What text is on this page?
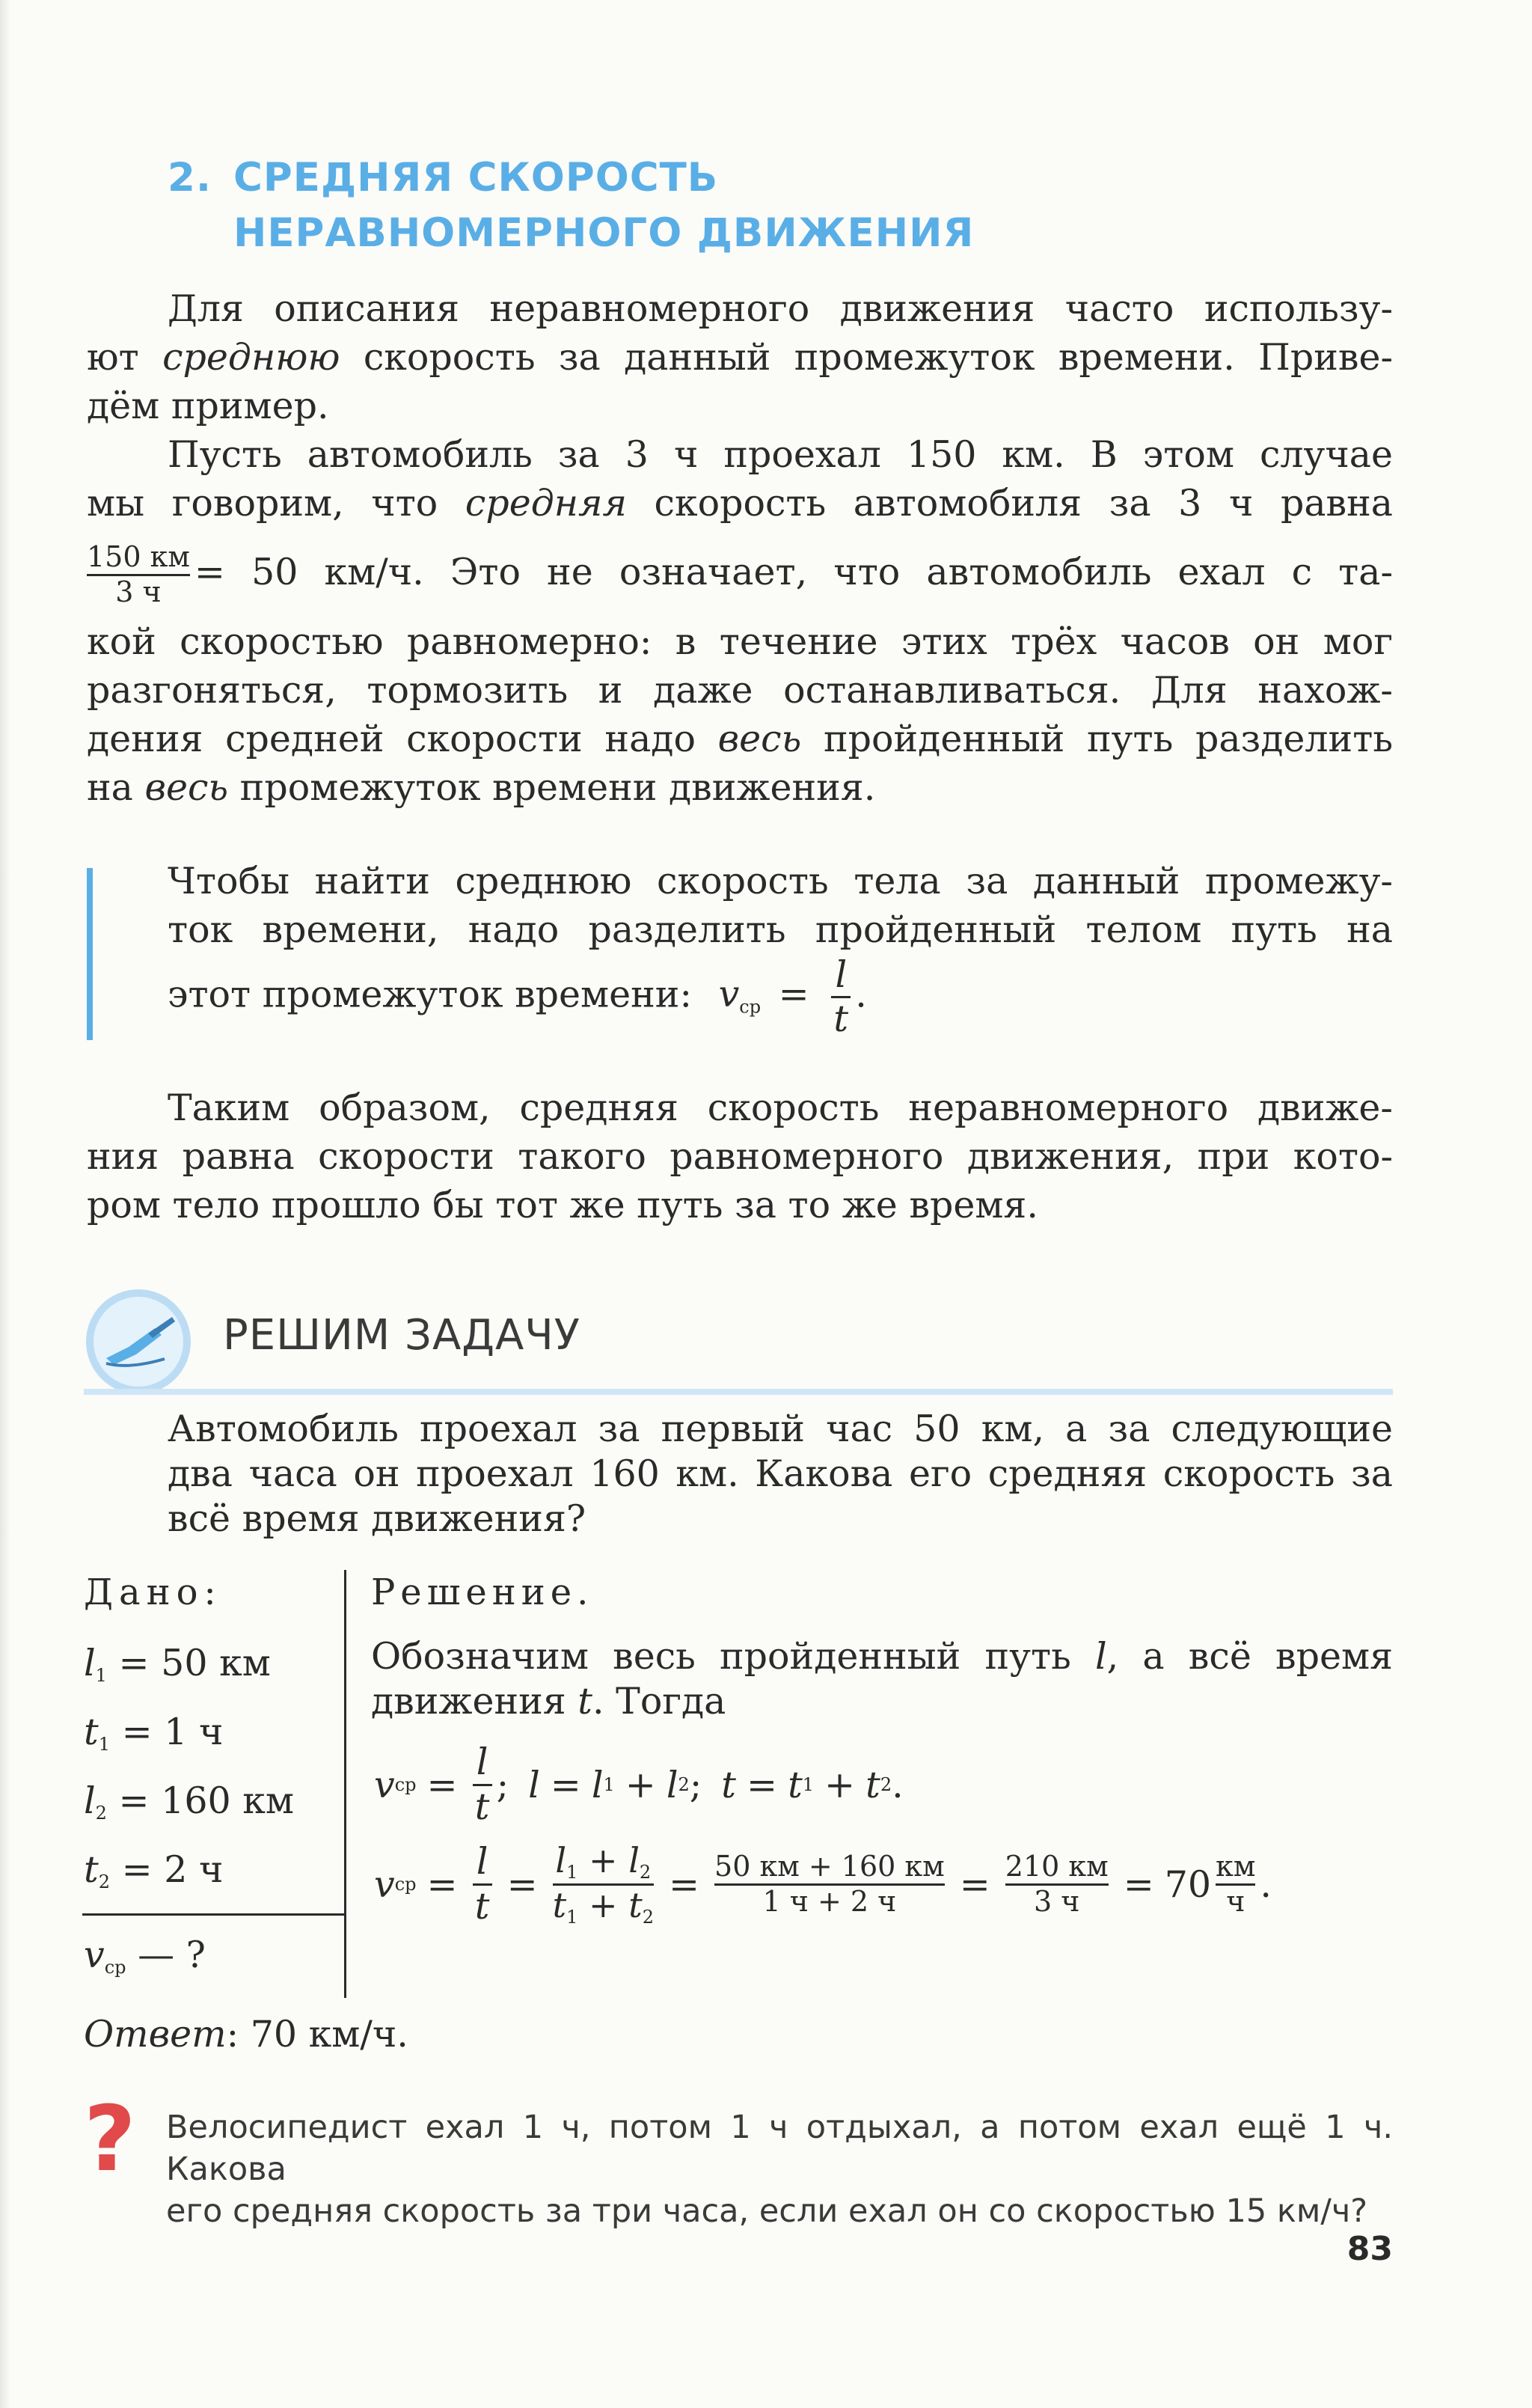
2. СРЕДНЯЯ СКОРОСТЬ
НЕРАВНОМЕРНОГО ДВИЖЕНИЯ
Для описания неравномерного движения часто использу-
ют среднюю скорость за данный промежуток времени. Приве-
дём пример.
Пусть автомобиль за 3 ч проехал 150 км. В этом случае
мы говорим, что средняя скорость автомобиля за 3 ч равна
$\frac{150 км}{3 ч} = 50$ км/ч. Это не означает, что автомобиль ехал с та-
кой скоростью равномерно: в течение этих трёх часов он мог
разгоняться, тормозить и даже останавливаться. Для нахож-
дения средней скорости надо весь пройденный путь разделить
на весь промежуток времени движения.
Чтобы найти среднюю скорость тела за данный промежу-
ток времени, надо разделить пройденный телом путь на
этот промежуток времени: $v_{ср} = \frac{l}{t}$ .
Таким образом, средняя скорость неравномерного движе-
ния равна скорости такого равномерного движения, при кото-
ром тело прошло бы тот же путь за то же время.
РЕШИМ ЗАДАЧУ
Автомобиль проехал за первый час 50 км, а за следующие
два часа он проехал 160 км. Какова его средняя скорость за
всё время движения?
Дано:
$l_1 = 50$ км
$t_1 = 1$ ч
$l_2 = 160$ км
$t_2 = 2$ ч
$v_{ср}$ — ?
Решение.
Обозначим весь пройденный путь l, а всё время
движения t. Тогда
v ср = $\frac{l}{t}$ ; l = l 1 + l 2 ; t = t 1 + t 2 .
v ср = $\frac{l}{t} = \frac{l_1 + l_2}{t_1 + t_2} = \frac{50 км + 160 км}{1 ч + 2 ч} = \frac{210 км}{3 ч} = 70 \frac{км}{ч}$ .
Ответ: 70 км/ч.
? Велосипедист ехал 1 ч, потом 1 ч отдыхал, а потом ехал ещё 1 ч. Какова
его средняя скорость за три часа, если ехал он со скоростью 15 км/ч?
83
